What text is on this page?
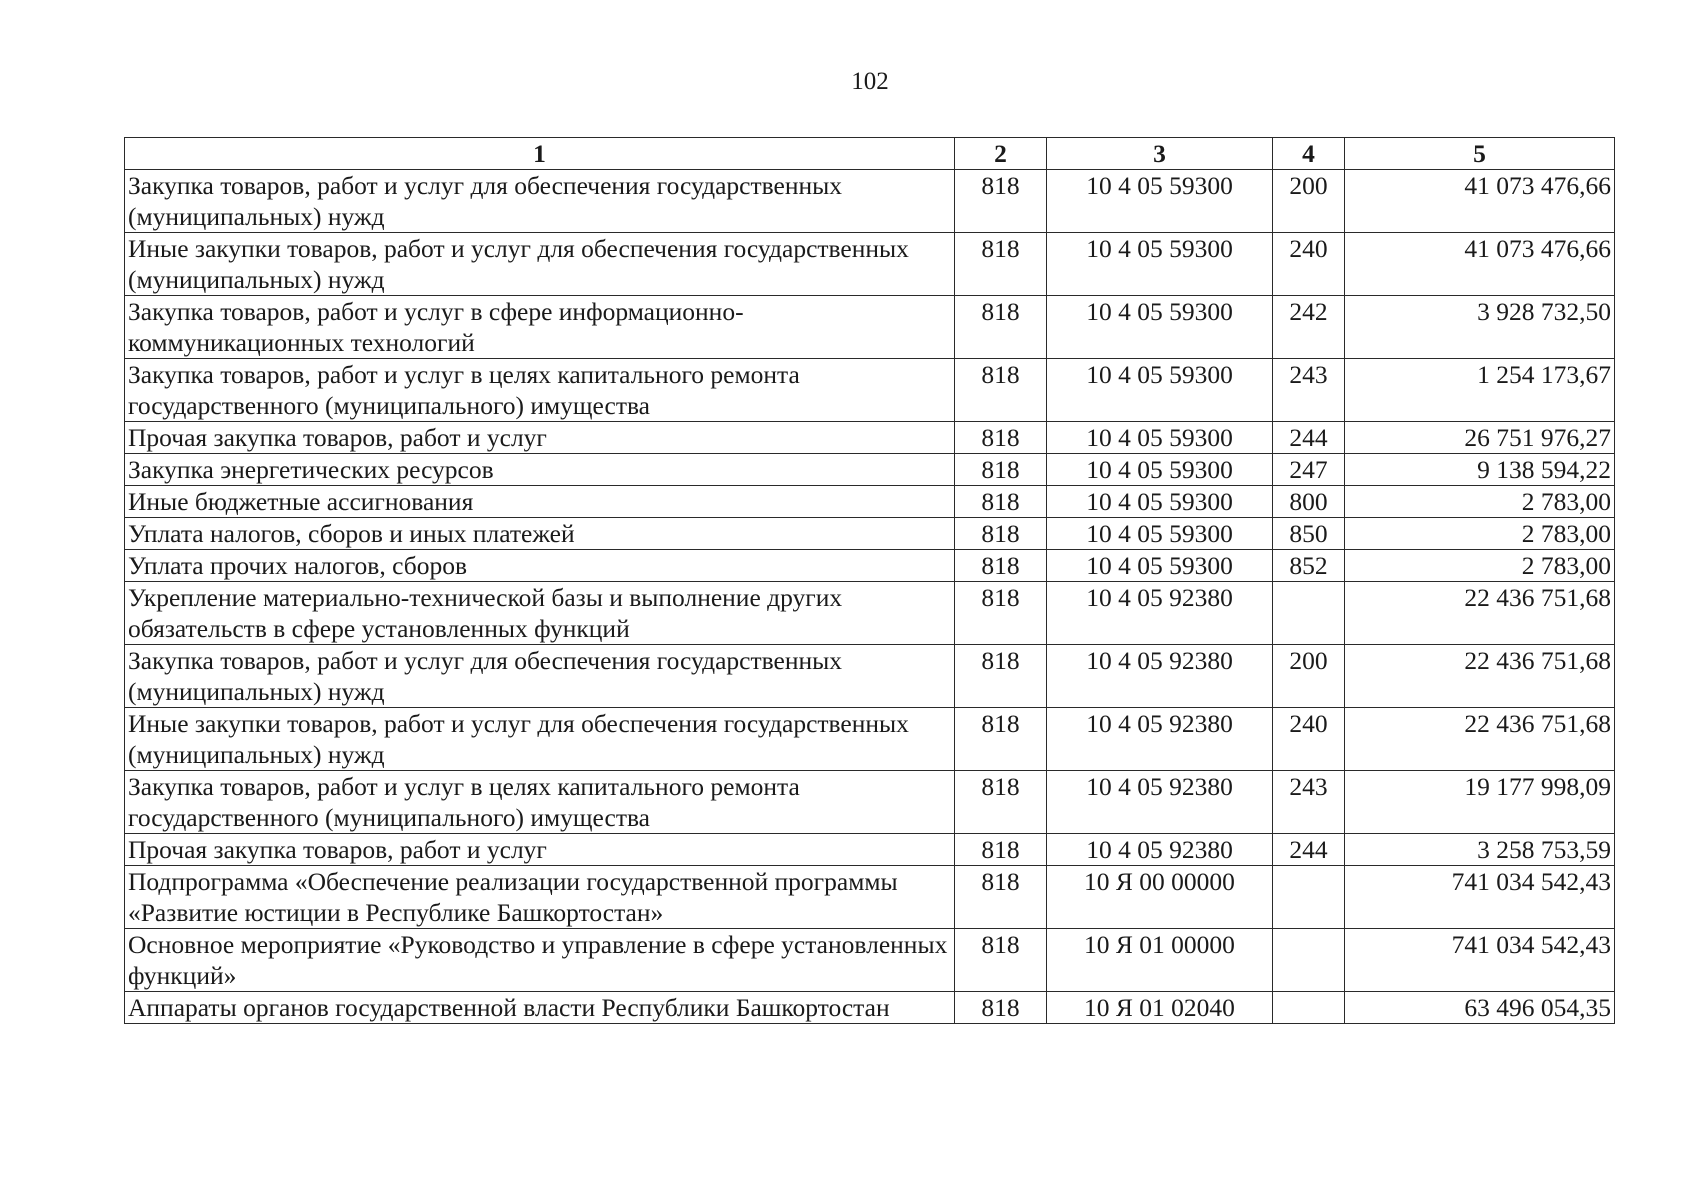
102
1	2	3	4	5
Закупка товаров, работ и услуг для обеспечения государственных (муниципальных) нужд	818	10 4 05 59300	200	41 073 476,66
Иные закупки товаров, работ и услуг для обеспечения государственных (муниципальных) нужд	818	10 4 05 59300	240	41 073 476,66
Закупка товаров, работ и услуг в сфере информационно-коммуникационных технологий	818	10 4 05 59300	242	3 928 732,50
Закупка товаров, работ и услуг в целях капитального ремонта государственного (муниципального) имущества	818	10 4 05 59300	243	1 254 173,67
Прочая закупка товаров, работ и услуг	818	10 4 05 59300	244	26 751 976,27
Закупка энергетических ресурсов	818	10 4 05 59300	247	9 138 594,22
Иные бюджетные ассигнования	818	10 4 05 59300	800	2 783,00
Уплата налогов, сборов и иных платежей	818	10 4 05 59300	850	2 783,00
Уплата прочих налогов, сборов	818	10 4 05 59300	852	2 783,00
Укрепление материально-технической базы и выполнение других обязательств в сфере установленных функций	818	10 4 05 92380		22 436 751,68
Закупка товаров, работ и услуг для обеспечения государственных (муниципальных) нужд	818	10 4 05 92380	200	22 436 751,68
Иные закупки товаров, работ и услуг для обеспечения государственных (муниципальных) нужд	818	10 4 05 92380	240	22 436 751,68
Закупка товаров, работ и услуг в целях капитального ремонта государственного (муниципального) имущества	818	10 4 05 92380	243	19 177 998,09
Прочая закупка товаров, работ и услуг	818	10 4 05 92380	244	3 258 753,59
Подпрограмма «Обеспечение реализации государственной программы «Развитие юстиции в Республике Башкортостан»	818	10 Я 00 00000		741 034 542,43
Основное мероприятие «Руководство и управление в сфере установленных функций»	818	10 Я 01 00000		741 034 542,43
Аппараты органов государственной власти Республики Башкортостан	818	10 Я 01 02040		63 496 054,35
